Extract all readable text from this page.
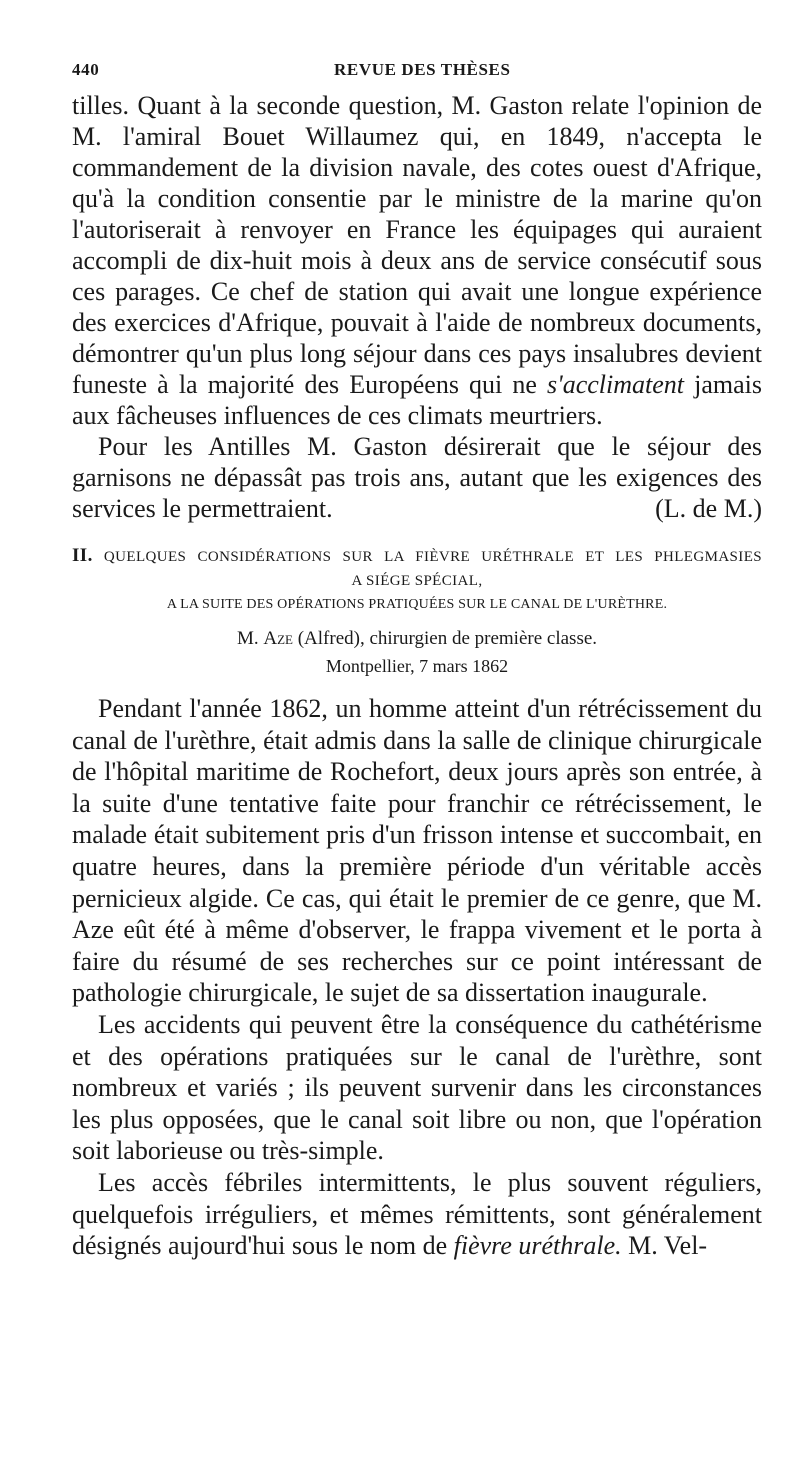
440	REVUE DES THÈSES

tilles. Quant à la seconde question, M. Gaston relate l'opinion de M. l'amiral Bouet Willaumez qui, en 1849, n'accepta le commandement de la division navale, des cotes ouest d'Afrique, qu'à la condition consentie par le ministre de la marine qu'on l'autoriserait à renvoyer en France les équipages qui auraient accompli de dix-huit mois à deux ans de service consécutif sous ces parages. Ce chef de station qui avait une longue expérience des exercices d'Afrique, pouvait à l'aide de nombreux documents, démontrer qu'un plus long séjour dans ces pays insalubres devient funeste à la majorité des Européens qui ne s'acclimatent jamais aux fâcheuses influences de ces climats meurtriers.

Pour les Antilles M. Gaston désirerait que le séjour des garnisons ne dépassât pas trois ans, autant que les exigences des services le permettraient.	(L. de M.)

II. QUELQUES CONSIDÉRATIONS SUR LA FIÈVRE URÉTHRALE ET LES PHLEGMASIES
A SIÉGE SPÉCIAL,
A LA SUITE DES OPÉRATIONS PRATIQUÉES SUR LE CANAL DE L'URÈTHRE.
M. Aze (Alfred), chirurgien de première classe.
Montpellier, 7 mars 1862

Pendant l'année 1862, un homme atteint d'un rétrécissement du canal de l'urèthre, était admis dans la salle de clinique chirurgicale de l'hôpital maritime de Rochefort, deux jours après son entrée, à la suite d'une tentative faite pour franchir ce rétrécissement, le malade était subitement pris d'un frisson intense et succombait, en quatre heures, dans la première période d'un véritable accès pernicieux algide. Ce cas, qui était le premier de ce genre, que M. Aze eût été à même d'observer, le frappa vivement et le porta à faire du résumé de ses recherches sur ce point intéressant de pathologie chirurgicale, le sujet de sa dissertation inaugurale.

Les accidents qui peuvent être la conséquence du cathétérisme et des opérations pratiquées sur le canal de l'urèthre, sont nombreux et variés ; ils peuvent survenir dans les circonstances les plus opposées, que le canal soit libre ou non, que l'opération soit laborieuse ou très-simple.

Les accès fébriles intermittents, le plus souvent réguliers, quelquefois irréguliers, et mêmes rémittents, sont généralement désignés aujourd'hui sous le nom de fièvre uréthrale. M. Vel-
